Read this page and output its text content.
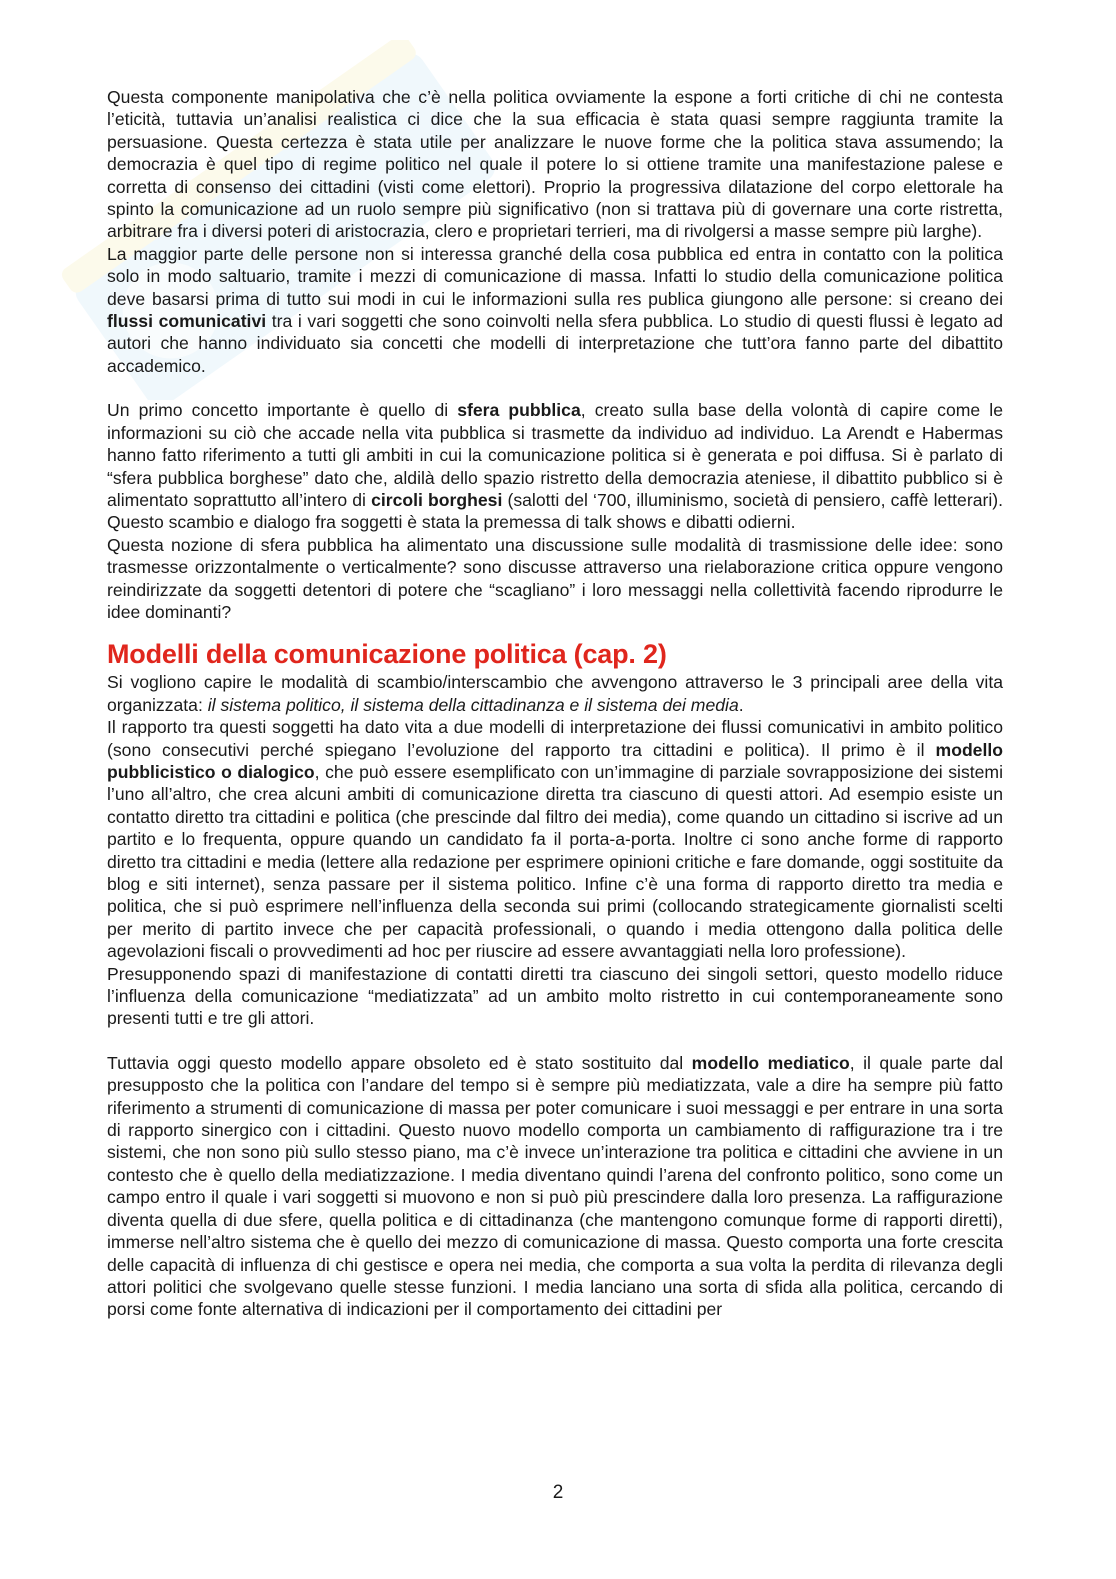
Questa componente manipolativa che c’è nella politica ovviamente la espone a forti critiche di chi ne contesta l’eticità, tuttavia un’analisi realistica ci dice che la sua efficacia è stata quasi sempre raggiunta tramite la persuasione. Questa certezza è stata utile per analizzare le nuove forme che la politica stava assumendo; la democrazia è quel tipo di regime politico nel quale il potere lo si ottiene tramite una manifestazione palese e corretta di consenso dei cittadini (visti come elettori). Proprio la progressiva dilatazione del corpo elettorale ha spinto la comunicazione ad un ruolo sempre più significativo (non si trattava più di governare una corte ristretta, arbitrare fra i diversi poteri di aristocrazia, clero e proprietari terrieri, ma di rivolgersi a masse sempre più larghe).

La maggior parte delle persone non si interessa granché della cosa pubblica ed entra in contatto con la politica solo in modo saltuario, tramite i mezzi di comunicazione di massa. Infatti lo studio della comunicazione politica deve basarsi prima di tutto sui modi in cui le informazioni sulla res publica giungono alle persone: si creano dei flussi comunicativi tra i vari soggetti che sono coinvolti nella sfera pubblica. Lo studio di questi flussi è legato ad autori che hanno individuato sia concetti che modelli di interpretazione che tutt’ora fanno parte del dibattito accademico.

Un primo concetto importante è quello di sfera pubblica, creato sulla base della volontà di capire come le informazioni su ciò che accade nella vita pubblica si trasmette da individuo ad individuo. La Arendt e Habermas hanno fatto riferimento a tutti gli ambiti in cui la comunicazione politica si è generata e poi diffusa. Si è parlato di “sfera pubblica borghese” dato che, aldilà dello spazio ristretto della democrazia ateniese, il dibattito pubblico si è alimentato soprattutto all’intero di circoli borghesi (salotti del ‘700, illuminismo, società di pensiero, caffè letterari). Questo scambio e dialogo fra soggetti è stata la premessa di talk shows e dibatti odierni.

Questa nozione di sfera pubblica ha alimentato una discussione sulle modalità di trasmissione delle idee: sono trasmesse orizzontalmente o verticalmente? sono discusse attraverso una rielaborazione critica oppure vengono reindirizzate da soggetti detentori di potere che “scagliano” i loro messaggi nella collettività facendo riprodurre le idee dominanti?

Modelli della comunicazione politica (cap. 2)

Si vogliono capire le modalità di scambio/interscambio che avvengono attraverso le 3 principali aree della vita organizzata: il sistema politico, il sistema della cittadinanza e il sistema dei media.

Il rapporto tra questi soggetti ha dato vita a due modelli di interpretazione dei flussi comunicativi in ambito politico (sono consecutivi perché spiegano l’evoluzione del rapporto tra cittadini e politica). Il primo è il modello pubblicistico o dialogico, che può essere esemplificato con un’immagine di parziale sovrapposizione dei sistemi l’uno all’altro, che crea alcuni ambiti di comunicazione diretta tra ciascuno di questi attori. Ad esempio esiste un contatto diretto tra cittadini e politica (che prescinde dal filtro dei media), come quando un cittadino si iscrive ad un partito e lo frequenta, oppure quando un candidato fa il porta-a-porta. Inoltre ci sono anche forme di rapporto diretto tra cittadini e media (lettere alla redazione per esprimere opinioni critiche e fare domande, oggi sostituite da blog e siti internet), senza passare per il sistema politico. Infine c’è una forma di rapporto diretto tra media e politica, che si può esprimere nell’influenza della seconda sui primi (collocando strategicamente giornalisti scelti per merito di partito invece che per capacità professionali, o quando i media ottengono dalla politica delle agevolazioni fiscali o provvedimenti ad hoc per riuscire ad essere avvantaggiati nella loro professione).

Presupponendo spazi di manifestazione di contatti diretti tra ciascuno dei singoli settori, questo modello riduce l’influenza della comunicazione “mediatizzata” ad un ambito molto ristretto in cui contemporaneamente sono presenti tutti e tre gli attori.

Tuttavia oggi questo modello appare obsoleto ed è stato sostituito dal modello mediatico, il quale parte dal presupposto che la politica con l’andare del tempo si è sempre più mediatizzata, vale a dire ha sempre più fatto riferimento a strumenti di comunicazione di massa per poter comunicare i suoi messaggi e per entrare in una sorta di rapporto sinergico con i cittadini. Questo nuovo modello comporta un cambiamento di raffigurazione tra i tre sistemi, che non sono più sullo stesso piano, ma c’è invece un’interazione tra politica e cittadini che avviene in un contesto che è quello della mediatizzazione. I media diventano quindi l’arena del confronto politico, sono come un campo entro il quale i vari soggetti si muovono e non si può più prescindere dalla loro presenza. La raffigurazione diventa quella di due sfere, quella politica e di cittadinanza (che mantengono comunque forme di rapporti diretti), immerse nell’altro sistema che è quello dei mezzo di comunicazione di massa. Questo comporta una forte crescita delle capacità di influenza di chi gestisce e opera nei media, che comporta a sua volta la perdita di rilevanza degli attori politici che svolgevano quelle stesse funzioni. I media lanciano una sorta di sfida alla politica, cercando di porsi come fonte alternativa di indicazioni per il comportamento dei cittadini per

2
